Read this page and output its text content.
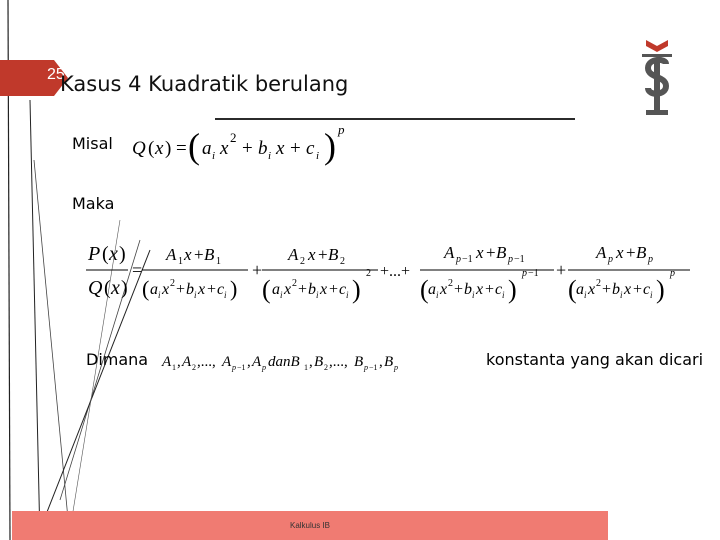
25
Kasus 4 Kuadratik berulang
Misal Q ( x ) = ( a i x
2
+ b i x + c i ) p
Maka
P ( x )
Q ( x )
=
A 1 x + B 1
( a i x 2 + b i x + c i )
+
A 2 x + B 2
( a i x 2 + b i x + c i )
2 +...+
A p −1 x + B p −1
( a i x 2 + b i x + c i )
p −1 +
A p x + B p
( a i x 2 + b i x + c i )
p
Dimana A 1 , A 2 ,..., A p −1 , A p danB 1 , B 2 ,..., B p −1 , B p	konstanta yang akan dicari
Kalkulus IB
